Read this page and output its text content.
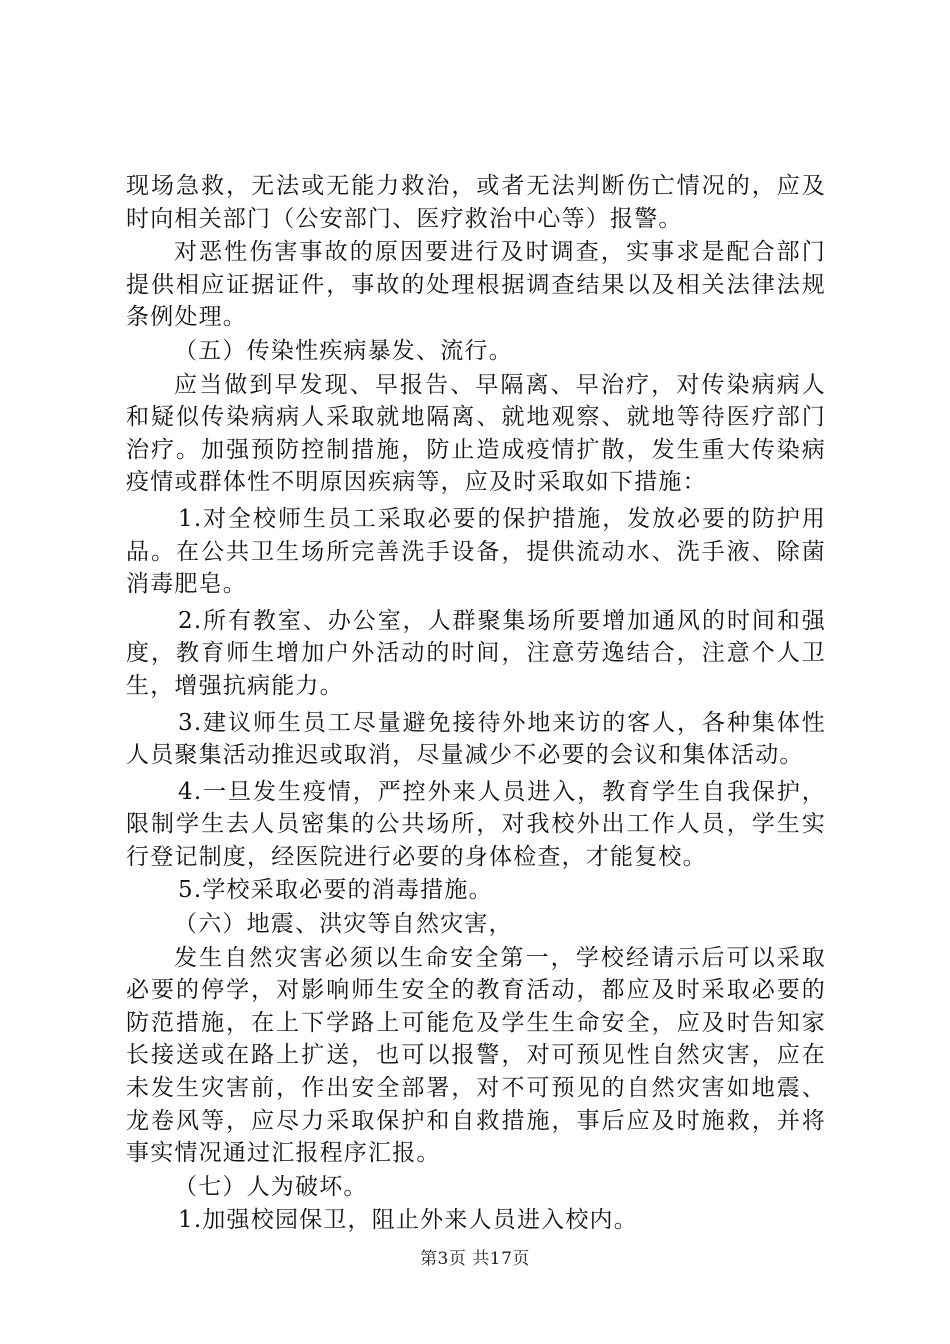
现场急救，无法或无能力救治，或者无法判断伤亡情况的，应及时向相关部门（公安部门、医疗救治中心等）报警。

对恶性伤害事故的原因要进行及时调查，实事求是配合部门提供相应证据证件，事故的处理根据调查结果以及相关法律法规条例处理。

（五）传染性疾病暴发、流行。

应当做到早发现、早报告、早隔离、早治疗，对传染病病人和疑似传染病病人采取就地隔离、就地观察、就地等待医疗部门治疗。加强预防控制措施，防止造成疫情扩散，发生重大传染病疫情或群体性不明原因疾病等，应及时采取如下措施：

1.对全校师生员工采取必要的保护措施，发放必要的防护用品。在公共卫生场所完善洗手设备，提供流动水、洗手液、除菌消毒肥皂。

2.所有教室、办公室，人群聚集场所要增加通风的时间和强度，教育师生增加户外活动的时间，注意劳逸结合，注意个人卫生，增强抗病能力。

3.建议师生员工尽量避免接待外地来访的客人，各种集体性人员聚集活动推迟或取消，尽量减少不必要的会议和集体活动。

4.一旦发生疫情，严控外来人员进入，教育学生自我保护，限制学生去人员密集的公共场所，对我校外出工作人员，学生实行登记制度，经医院进行必要的身体检查，才能复校。

5.学校采取必要的消毒措施。

（六）地震、洪灾等自然灾害，

发生自然灾害必须以生命安全第一，学校经请示后可以采取必要的停学，对影响师生安全的教育活动，都应及时采取必要的防范措施，在上下学路上可能危及学生生命安全，应及时告知家长接送或在路上扩送，也可以报警，对可预见性自然灾害，应在未发生灾害前，作出安全部署，对不可预见的自然灾害如地震、龙卷风等，应尽力采取保护和自救措施，事后应及时施救，并将事实情况通过汇报程序汇报。

（七）人为破坏。

1.加强校园保卫，阻止外来人员进入校内。

第3页 共17页
